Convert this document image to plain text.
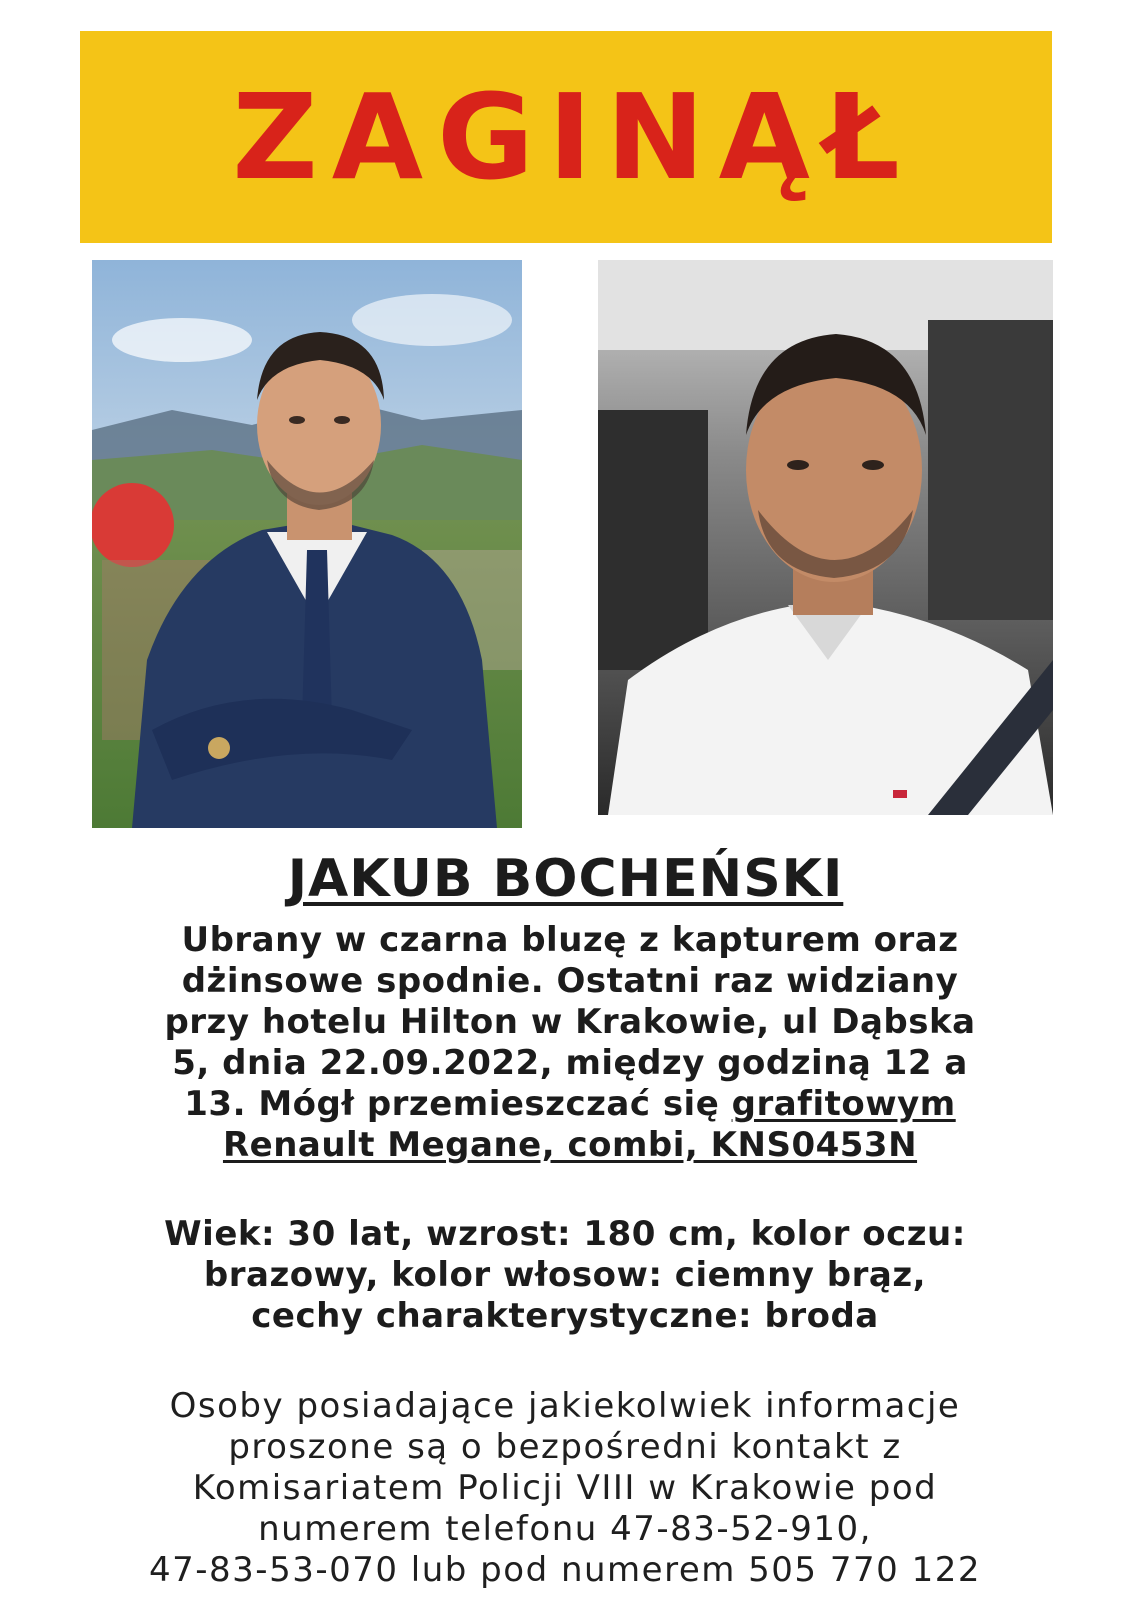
ZAGINĄŁ
JAKUB BOCHEŃSKI
Ubrany w czarna bluzę z kapturem oraz
dżinsowe spodnie. Ostatni raz widziany
przy hotelu Hilton w Krakowie, ul Dąbska
5, dnia 22.09.2022, między godziną 12 a
13. Mógł przemieszczać się grafitowym
Renault Megane, combi, KNS0453N
Wiek: 30 lat, wzrost: 180 cm, kolor oczu:
brazowy, kolor włosow: ciemny brąz,
cechy charakterystyczne: broda
Osoby posiadające jakiekolwiek informacje
proszone są o bezpośredni kontakt z
Komisariatem Policji VIII w Krakowie pod
numerem telefonu 47-83-52-910,
47-83-53-070 lub pod numerem 505 770 122
